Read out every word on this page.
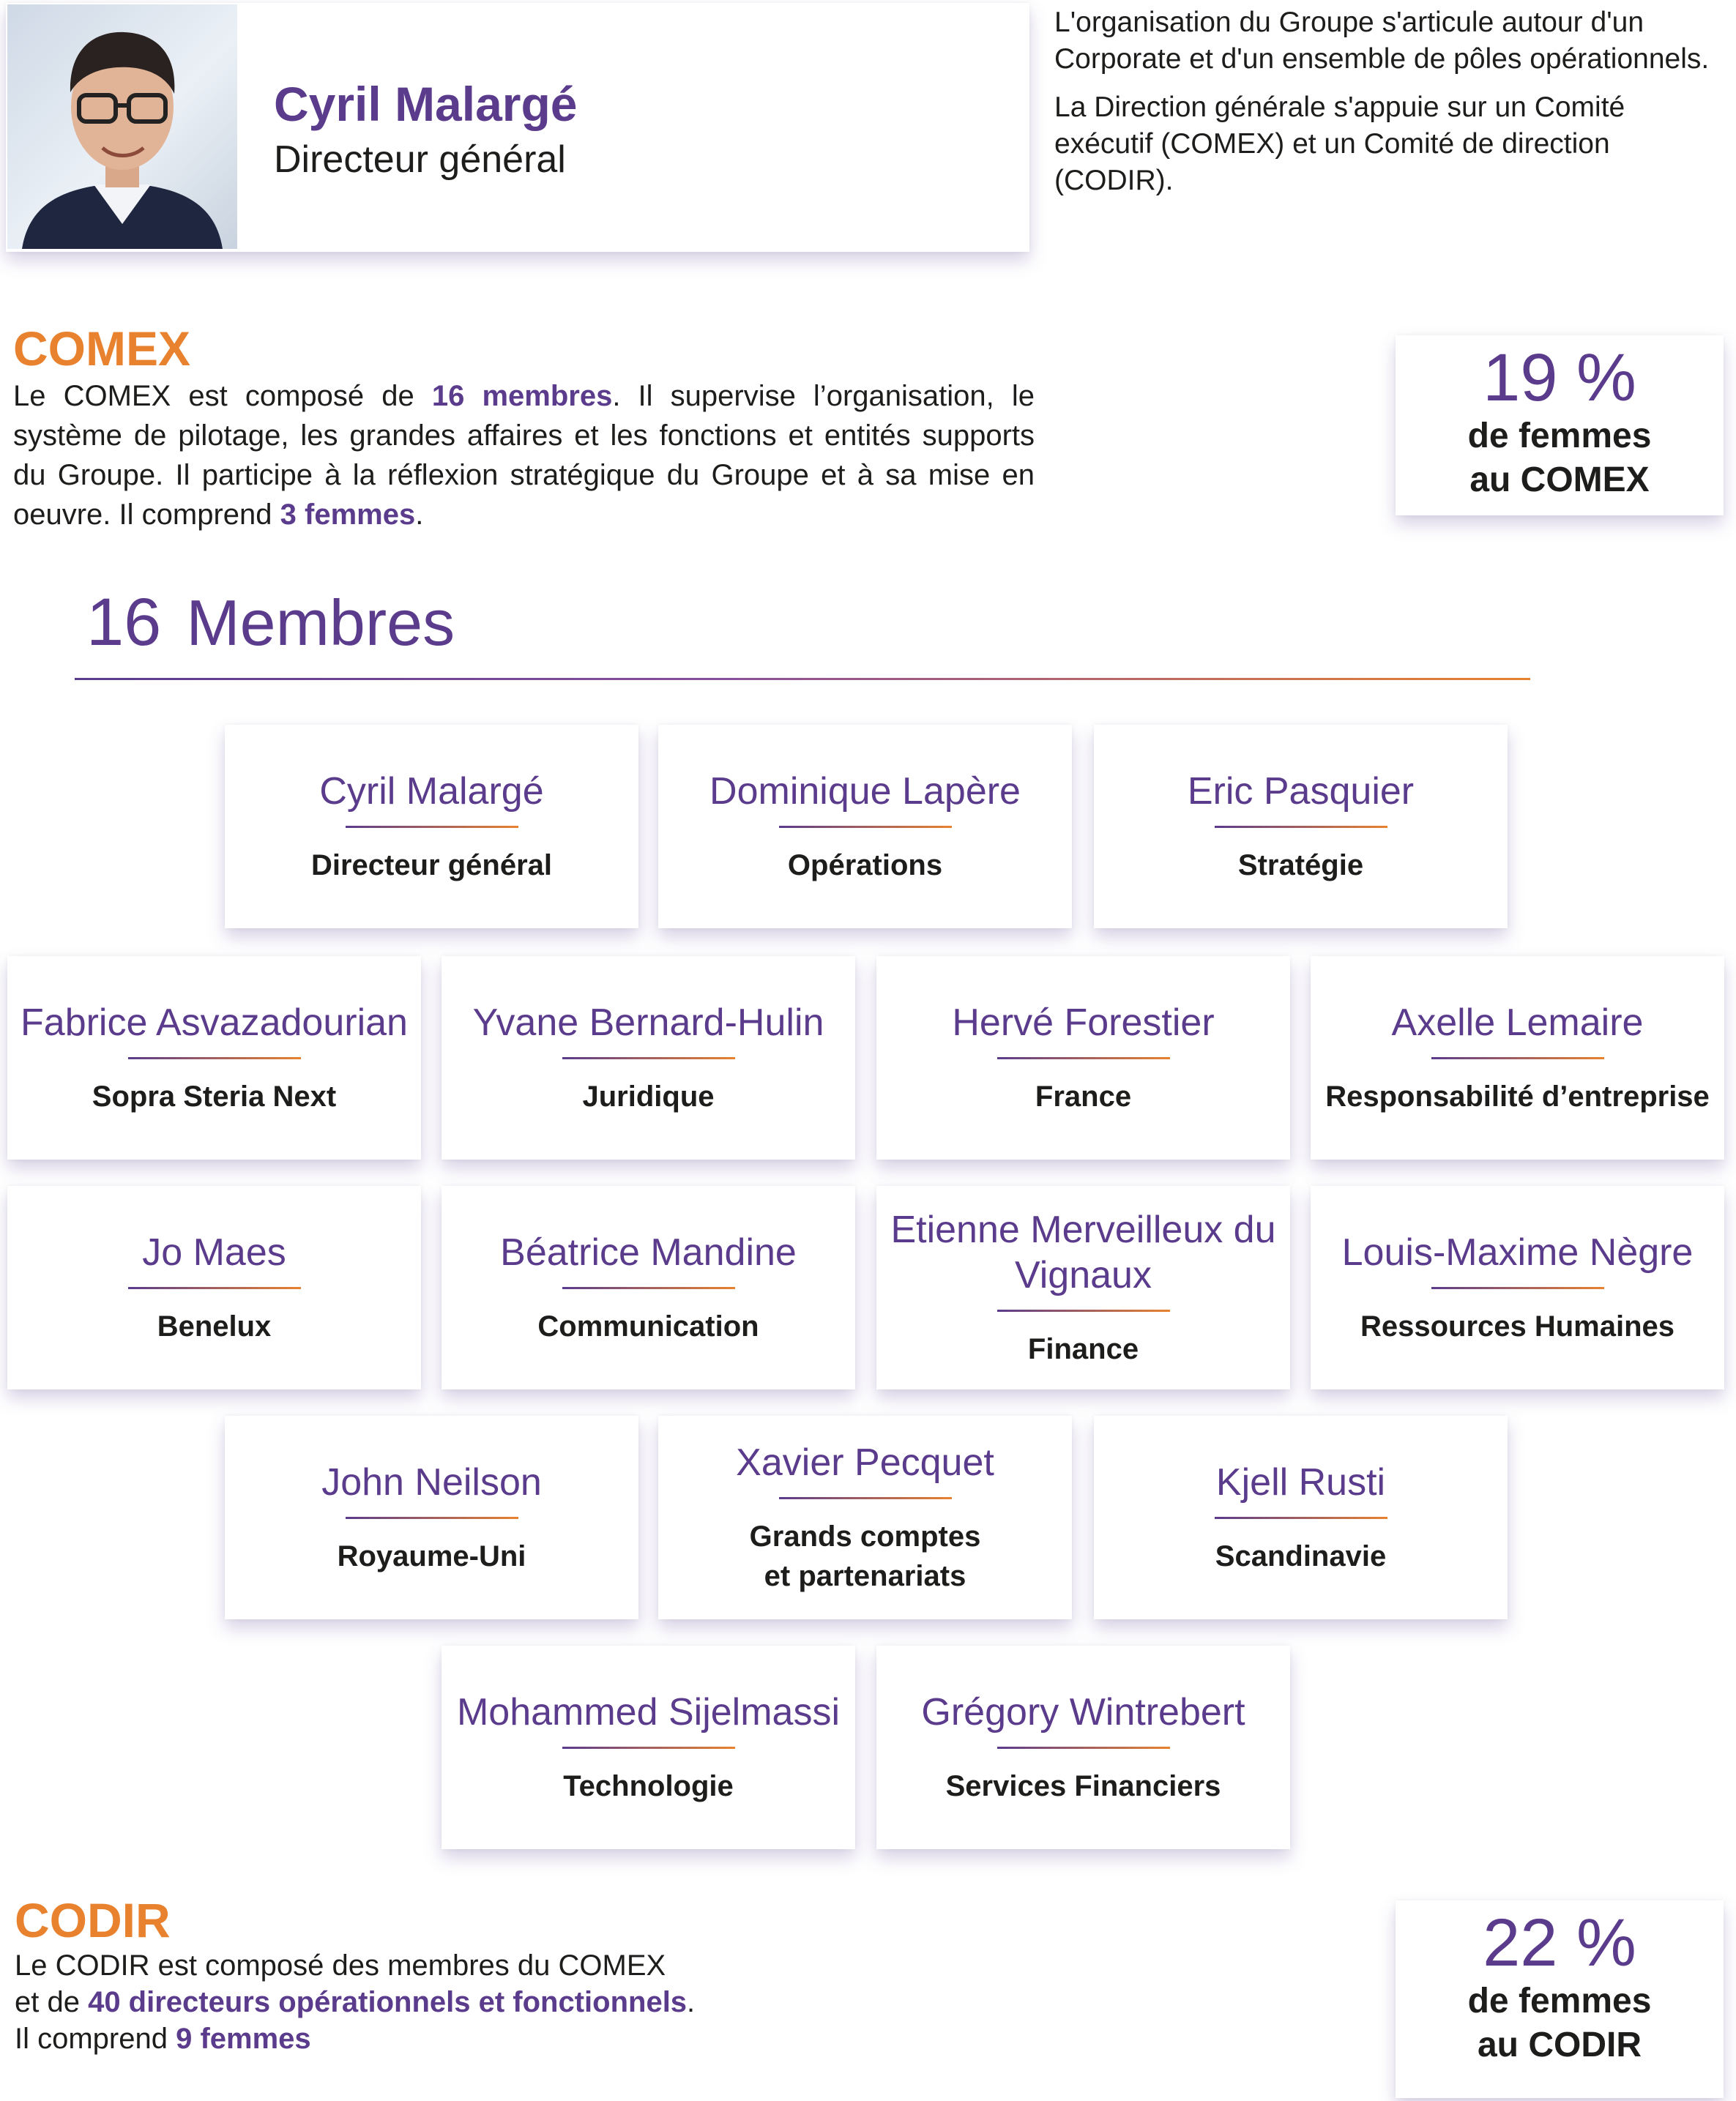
Cyril Malargé
Directeur général

L'organisation du Groupe s'articule autour d'un Corporate et d'un ensemble de pôles opérationnels.

La Direction générale s'appuie sur un Comité exécutif (COMEX) et un Comité de direction (CODIR).

COMEX
Le COMEX est composé de 16 membres. Il supervise l’organisation, le système de pilotage, les grandes affaires et les fonctions et entités supports du Groupe. Il participe à la réflexion stratégique du Groupe et à sa mise en oeuvre. Il comprend 3 femmes.
19 %
de femmes
au COMEX
16 Membres
Cyril Malargé
Directeur général
Dominique Lapère
Opérations
Eric Pasquier
Stratégie
Fabrice Asvazadourian
Sopra Steria Next
Yvane Bernard-Hulin
Juridique
Hervé Forestier
France
Axelle Lemaire
Responsabilité d’entreprise
Jo Maes
Benelux
Béatrice Mandine
Communication
Etienne Merveilleux du Vignaux
Finance
Louis-Maxime Nègre
Ressources Humaines
John Neilson
Royaume-Uni
Xavier Pecquet
Grands comptes et partenariats
Kjell Rusti
Scandinavie
Mohammed Sijelmassi
Technologie
Grégory Wintrebert
Services Financiers
CODIR
Le CODIR est composé des membres du COMEX
et de 40 directeurs opérationnels et fonctionnels.
Il comprend 9 femmes
22 %
de femmes
au CODIR
